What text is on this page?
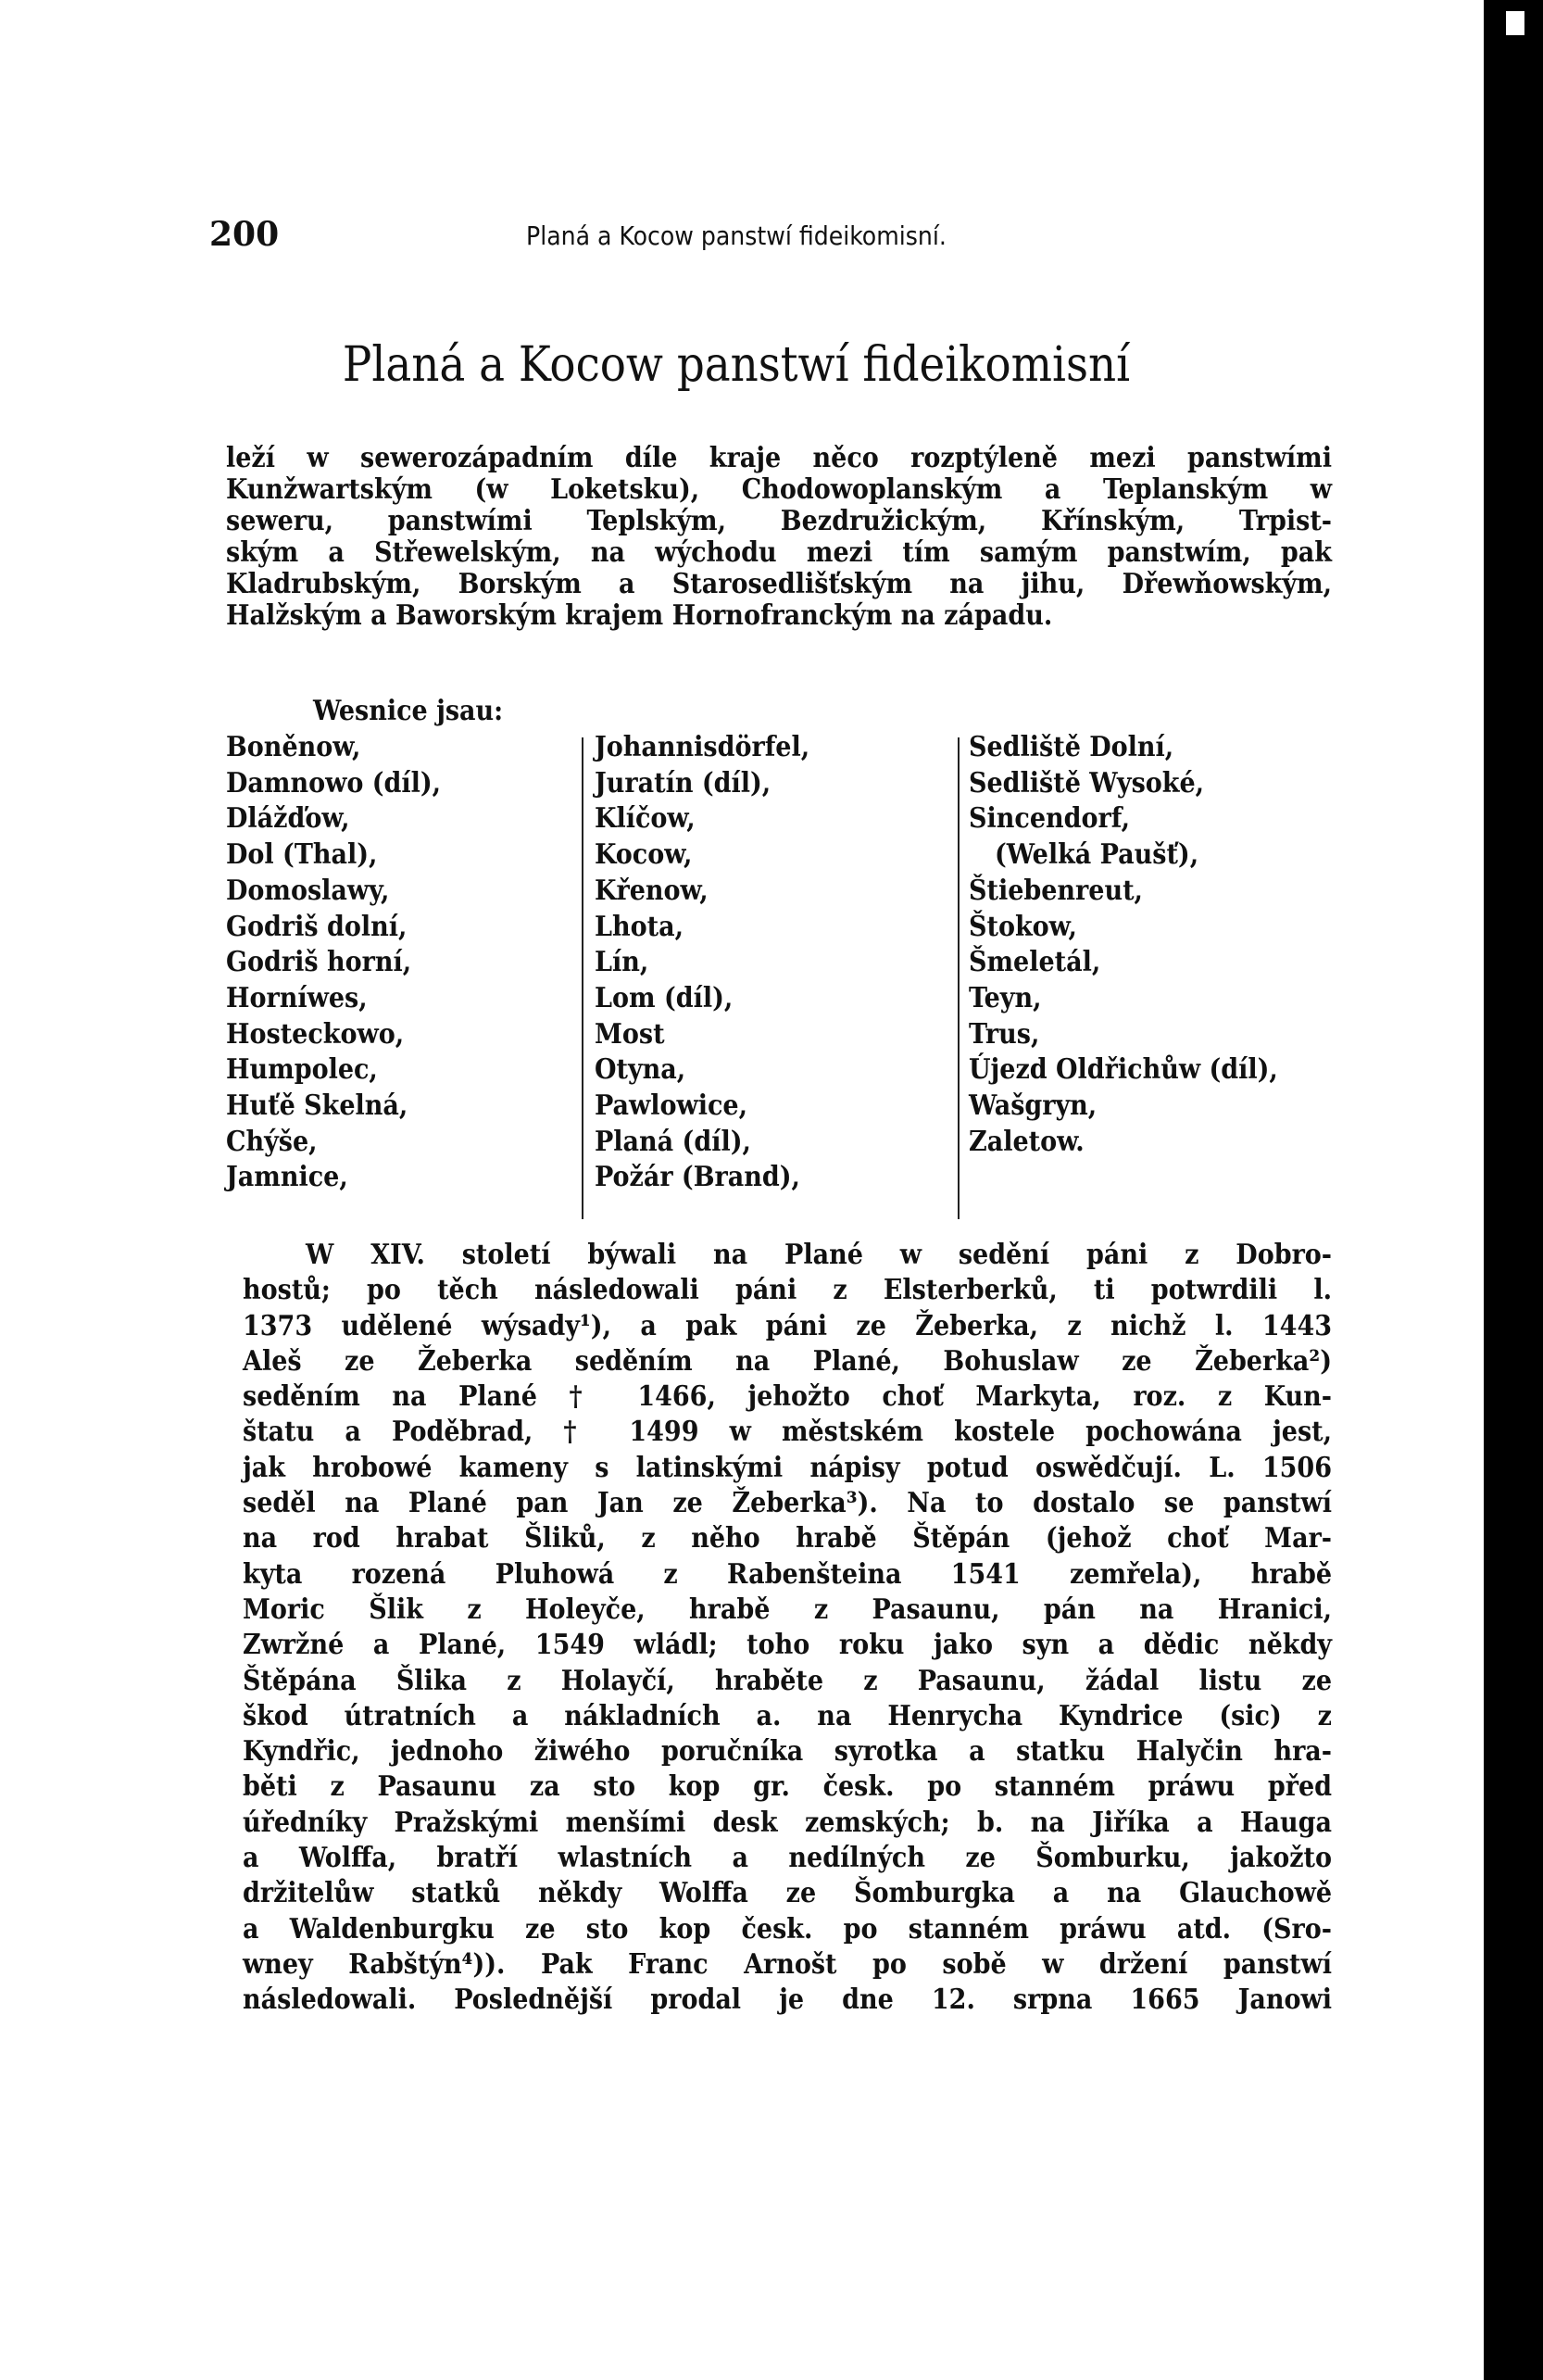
200	Planá a Kocow panstwí fideikomisní.
Planá a Kocow panstwí fideikomisní
leží w sewerozápadním díle kraje něco rozptýleně mezi panstwími
Kunžwartským (w Loketsku), Chodowoplanským a Teplanským w
seweru, panstwími Teplským, Bezdružickým, Křínským, Trpist-
ským a Střewelským, na wýchodu mezi tím samým panstwím, pak
Kladrubským, Borským a Starosedlišťským na jihu, Dřewňowským,
Halžským a Baworským krajem Hornofranckým na západu.
Wesnice jsau:
Boněnow,
Damnowo (díl),
Dlážďow,
Dol (Thal),
Domoslawy,
Godriš dolní,
Godriš horní,
Horníwes,
Hosteckowo,
Humpolec,
Huťě Skelná,
Chýše,
Jamnice,
Johannisdörfel,
Juratín (díl),
Klíčow,
Kocow,
Křenow,
Lhota,
Lín,
Lom (díl),
Most
Otyna,
Pawlowice,
Planá (díl),
Požár (Brand),
Sedliště Dolní,
Sedliště Wysoké,
Sincendorf,
(Welká Paušť),
Štiebenreut,
Štokow,
Šmeletál,
Teyn,
Trus,
Újezd Oldřichůw (díl),
Wašgryn,
Zaletow.
W XIV. století býwali na Plané w sedění páni z Dobro-
hostů; po těch následowali páni z Elsterberků, ti potwrdili l.
1373 udělené wýsady¹), a pak páni ze Žeberka, z nichž l. 1443
Aleš ze Žeberka seděním na Plané, Bohuslaw ze Žeberka²)
seděním na Plané † 1466, jehožto choť Markyta, roz. z Kun-
štatu a Poděbrad, † 1499 w městském kostele pochowána jest,
jak hrobowé kameny s latinskými nápisy potud oswědčují. L. 1506
seděl na Plané pan Jan ze Žeberka³). Na to dostalo se panstwí
na rod hrabat Šliků, z něho hrabě Štěpán (jehož choť Mar-
kyta rozená Pluhowá z Rabenšteina 1541 zemřela), hrabě
Moric Šlik z Holeyče, hrabě z Pasaunu, pán na Hranici,
Zwržné a Plané, 1549 wládl; toho roku jako syn a dědic někdy
Štěpána Šlika z Holayčí, hraběte z Pasaunu, žádal listu ze
škod útratních a nákladních a. na Henrycha Kyndrice (sic) z
Kyndřic, jednoho žiwého poručníka syrotka a statku Halyčin hra-
běti z Pasaunu za sto kop gr. česk. po stanném práwu před
úředníky Pražskými menšími desk zemských; b. na Jiříka a Hauga
a Wolffa, bratří wlastních a nedílných ze Šomburku, jakožto
držitelůw statků někdy Wolffa ze Šomburgka a na Glauchowě
a Waldenburgku ze sto kop česk. po stanném práwu atd. (Sro-
wney Rabštýn⁴)). Pak Franc Arnošt po sobě w držení panstwí
následowali. Poslednější prodal je dne 12. srpna 1665 Janowi
